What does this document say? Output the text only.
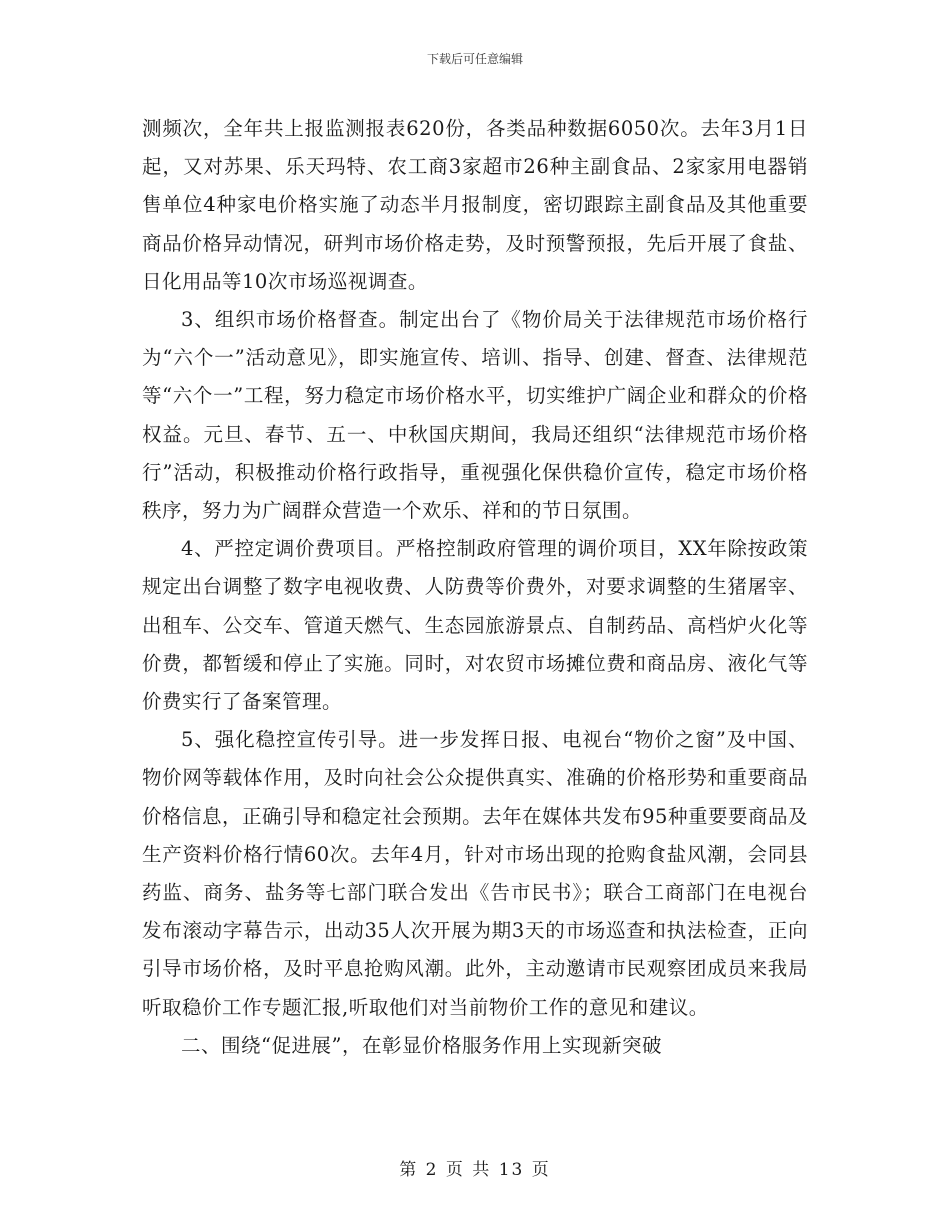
下载后可任意编辑

测频次，全年共上报监测报表620份，各类品种数据6050次。去年3月1日起，又对苏果、乐天玛特、农工商3家超市26种主副食品、2家家用电器销售单位4种家电价格实施了动态半月报制度，密切跟踪主副食品及其他重要商品价格异动情况，研判市场价格走势，及时预警预报，先后开展了食盐、日化用品等10次市场巡视调查。

3、组织市场价格督查。制定出台了《物价局关于法律规范市场价格行为“六个一”活动意见》，即实施宣传、培训、指导、创建、督查、法律规范等“六个一”工程，努力稳定市场价格水平，切实维护广阔企业和群众的价格权益。元旦、春节、五一、中秋国庆期间，我局还组织“法律规范市场价格行”活动，积极推动价格行政指导，重视强化保供稳价宣传，稳定市场价格秩序，努力为广阔群众营造一个欢乐、祥和的节日氛围。

4、严控定调价费项目。严格控制政府管理的调价项目，XX年除按政策规定出台调整了数字电视收费、人防费等价费外，对要求调整的生猪屠宰、出租车、公交车、管道天燃气、生态园旅游景点、自制药品、高档炉火化等价费，都暂缓和停止了实施。同时，对农贸市场摊位费和商品房、液化气等价费实行了备案管理。

5、强化稳控宣传引导。进一步发挥日报、电视台“物价之窗”及中国、物价网等载体作用，及时向社会公众提供真实、准确的价格形势和重要商品价格信息，正确引导和稳定社会预期。去年在媒体共发布95种重要要商品及生产资料价格行情60次。去年4月，针对市场出现的抢购食盐风潮，会同县药监、商务、盐务等七部门联合发出《告市民书》；联合工商部门在电视台发布滚动字幕告示，出动35人次开展为期3天的市场巡查和执法检查，正向引导市场价格，及时平息抢购风潮。此外，主动邀请市民观察团成员来我局听取稳价工作专题汇报,听取他们对当前物价工作的意见和建议。

二、围绕“促进展”，在彰显价格服务作用上实现新突破

第 2 页 共 13 页
